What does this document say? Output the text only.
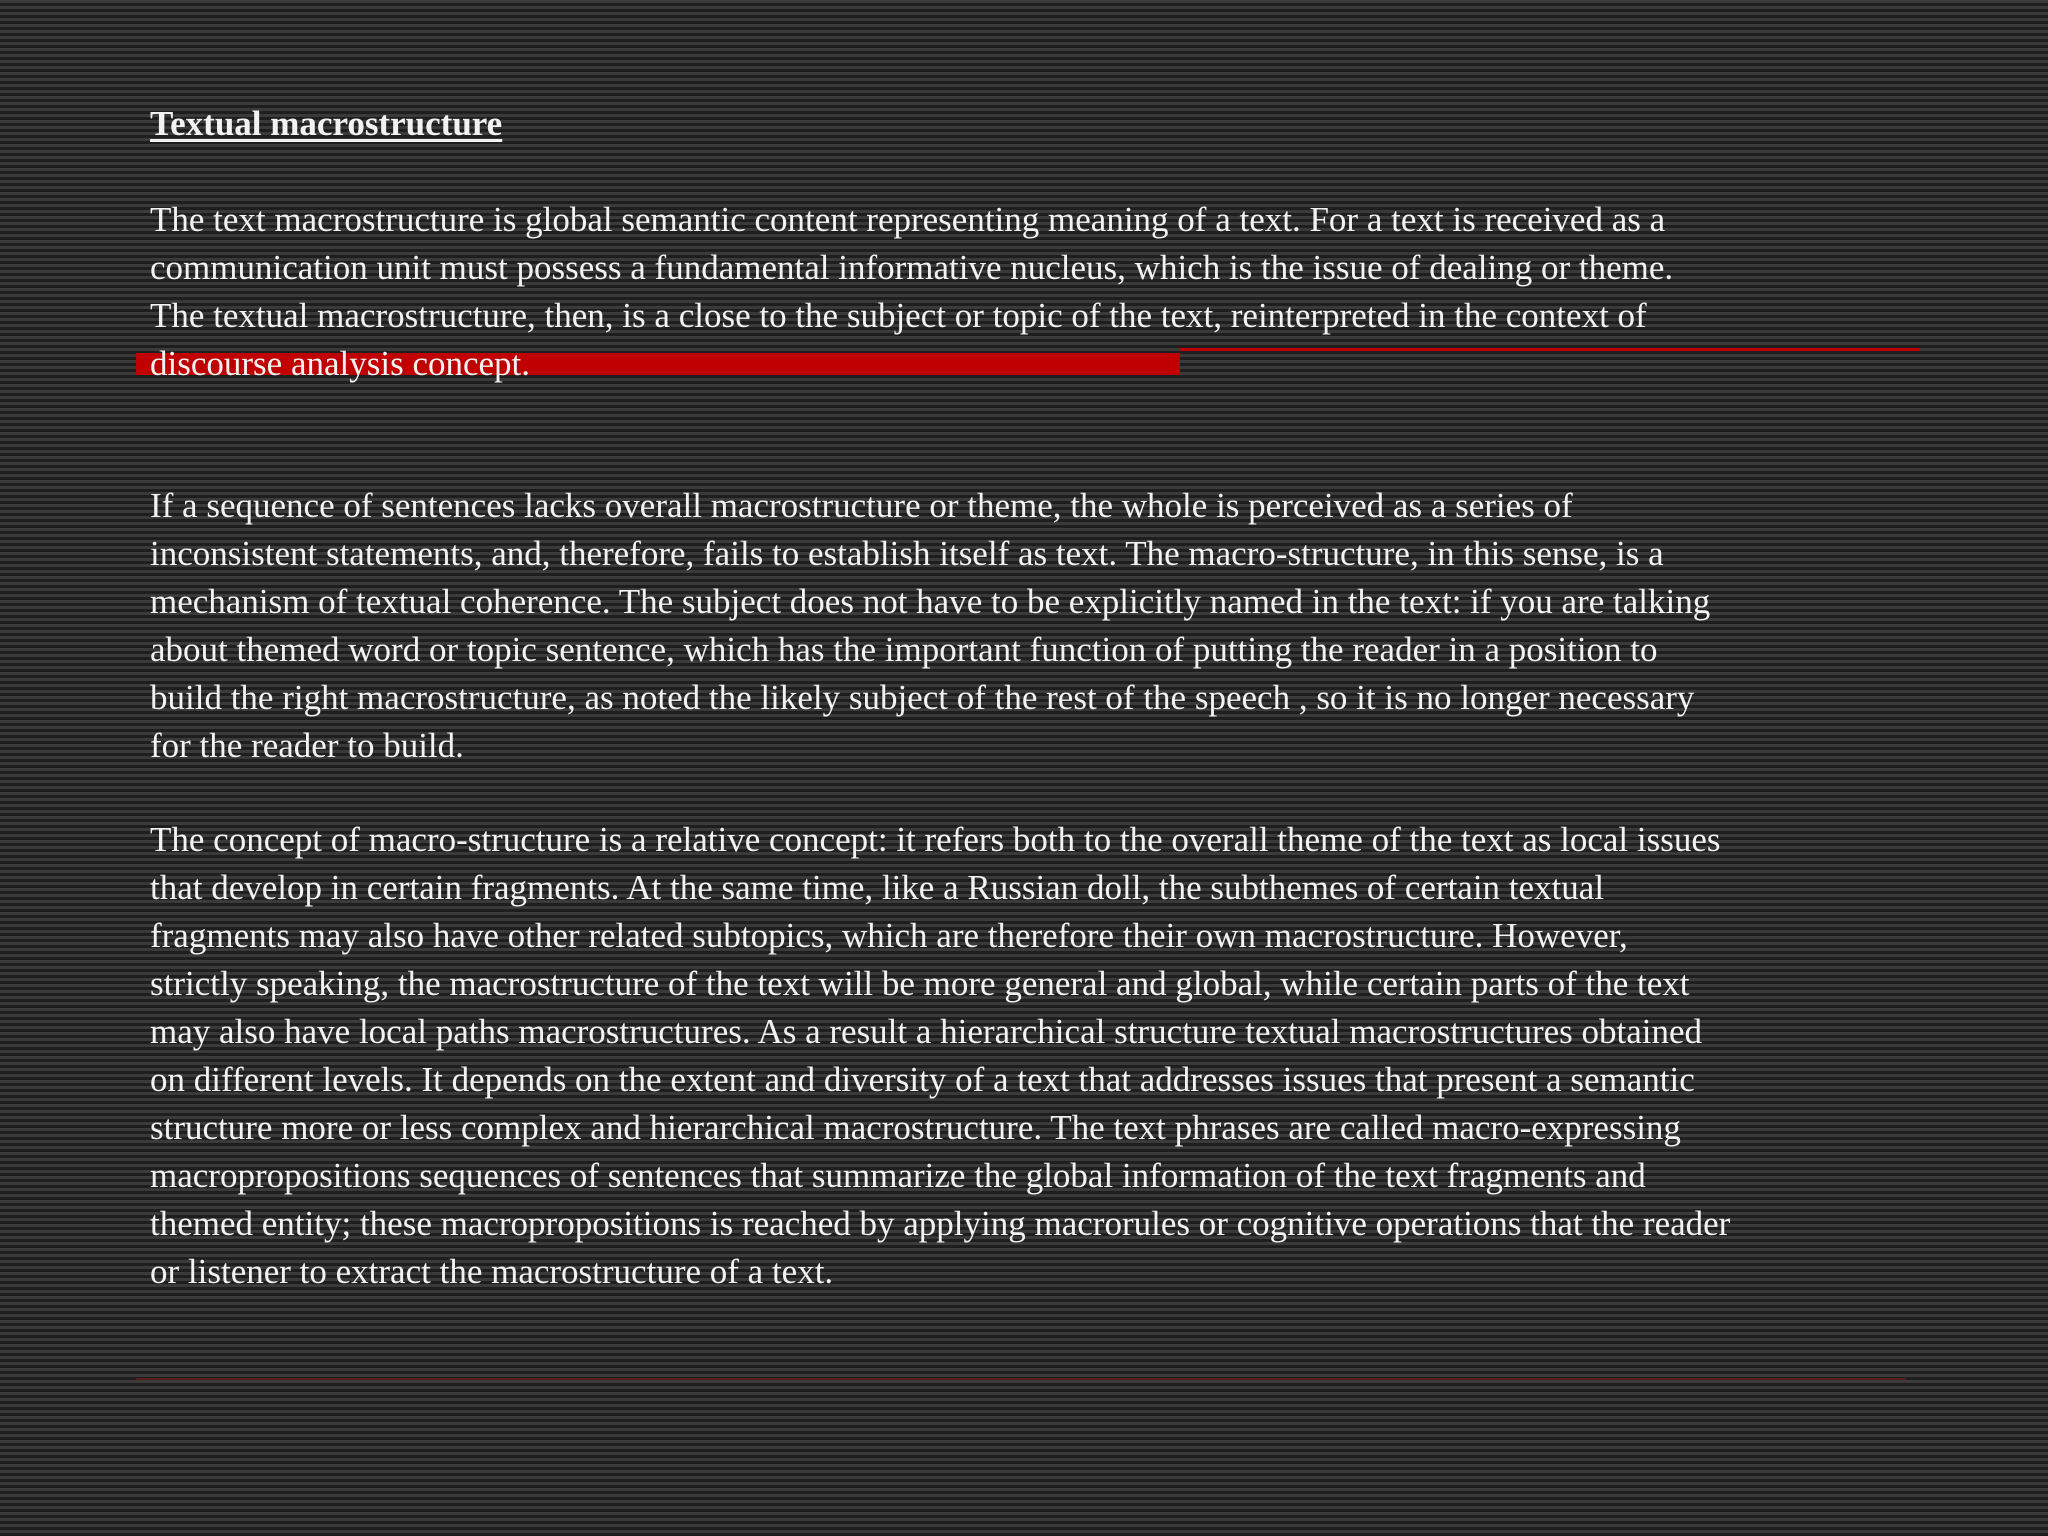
Textual macrostructure

The text macrostructure is global semantic content representing meaning of a text. For a text is received as a
communication unit must possess a fundamental informative nucleus, which is the issue of dealing or theme.
The textual macrostructure, then, is a close to the subject or topic of the text, reinterpreted in the context of
discourse analysis concept.

If a sequence of sentences lacks overall macrostructure or theme, the whole is perceived as a series of
inconsistent statements, and, therefore, fails to establish itself as text. The macro-structure, in this sense, is a
mechanism of textual coherence. The subject does not have to be explicitly named in the text: if you are talking
about themed word or topic sentence, which has the important function of putting the reader in a position to
build the right macrostructure, as noted the likely subject of the rest of the speech , so it is no longer necessary
for the reader to build.

The concept of macro-structure is a relative concept: it refers both to the overall theme of the text as local issues
that develop in certain fragments. At the same time, like a Russian doll, the subthemes of certain textual
fragments may also have other related subtopics, which are therefore their own macrostructure. However,
strictly speaking, the macrostructure of the text will be more general and global, while certain parts of the text
may also have local paths macrostructures. As a result a hierarchical structure textual macrostructures obtained
on different levels. It depends on the extent and diversity of a text that addresses issues that present a semantic
structure more or less complex and hierarchical macrostructure. The text phrases are called macro-expressing
macropropositions sequences of sentences that summarize the global information of the text fragments and
themed entity; these macropropositions is reached by applying macrorules or cognitive operations that the reader
or listener to extract the macrostructure of a text.
